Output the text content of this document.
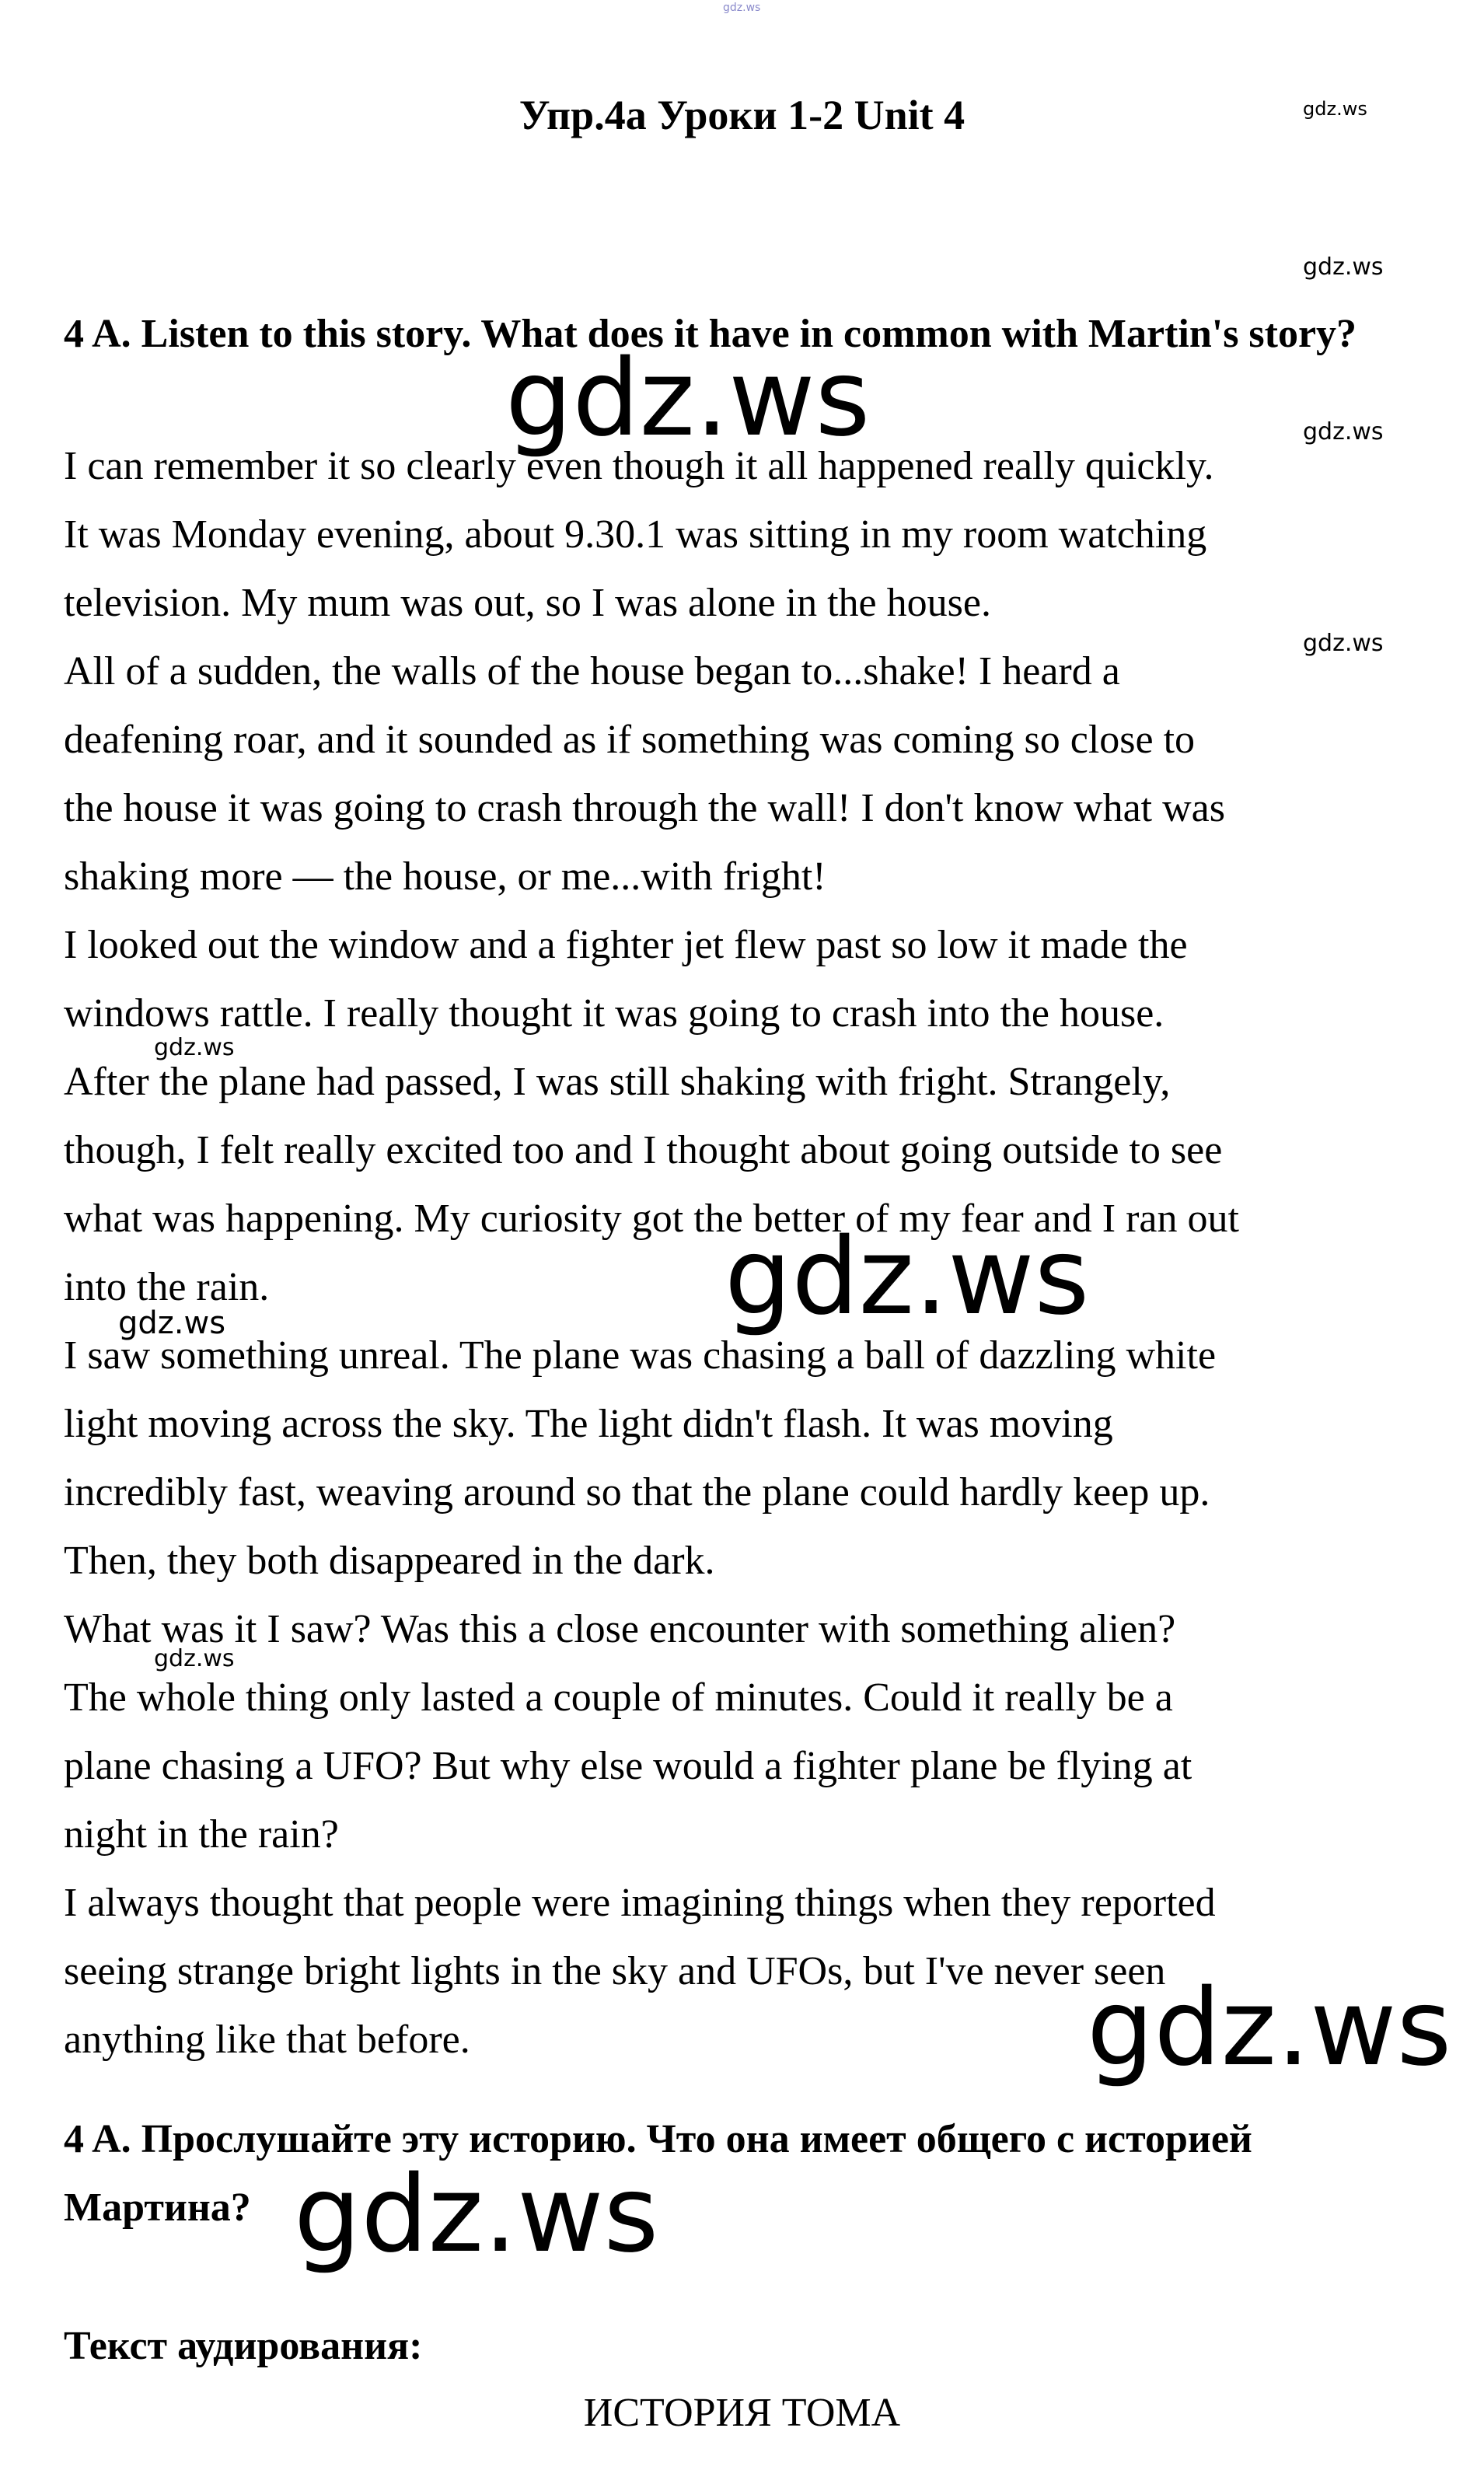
gdz.ws
Упр.4а Уроки 1-2 Unit 4
4 A. Listen to this story. What does it have in common with Martin's story?

I can remember it so clearly even though it all happened really quickly.

It was Monday evening, about 9.30.1 was sitting in my room watching

television. My mum was out, so I was alone in the house.

All of a sudden, the walls of the house began to...shake! I heard a

deafening roar, and it sounded as if something was coming so close to

the house it was going to crash through the wall! I don't know what was

shaking more — the house, or me...with fright!

I looked out the window and a fighter jet flew past so low it made the

windows rattle. I really thought it was going to crash into the house.

After the plane had passed, I was still shaking with fright. Strangely,

though, I felt really excited too and I thought about going outside to see

what was happening. My curiosity got the better of my fear and I ran out

into the rain.

I saw something unreal. The plane was chasing a ball of dazzling white

light moving across the sky. The light didn't flash. It was moving

incredibly fast, weaving around so that the plane could hardly keep up.

Then, they both disappeared in the dark.

What was it I saw? Was this a close encounter with something alien?

The whole thing only lasted a couple of minutes. Could it really be a

plane chasing a UFO? But why else would a fighter plane be flying at

night in the rain?

I always thought that people were imagining things when they reported

seeing strange bright lights in the sky and UFOs, but I've never seen

anything like that before.

4 A. Прослушайте эту историю. Что она имеет общего с историей Мартина?
Текст аудирования:
ИСТОРИЯ ТОМА
gdz.ws
gdz.ws
gdz.ws	gdz.ws
gdz.ws
gdz.ws
gdz.ws
gdz.ws
gdz.ws
gdz.ws
gdz.ws
